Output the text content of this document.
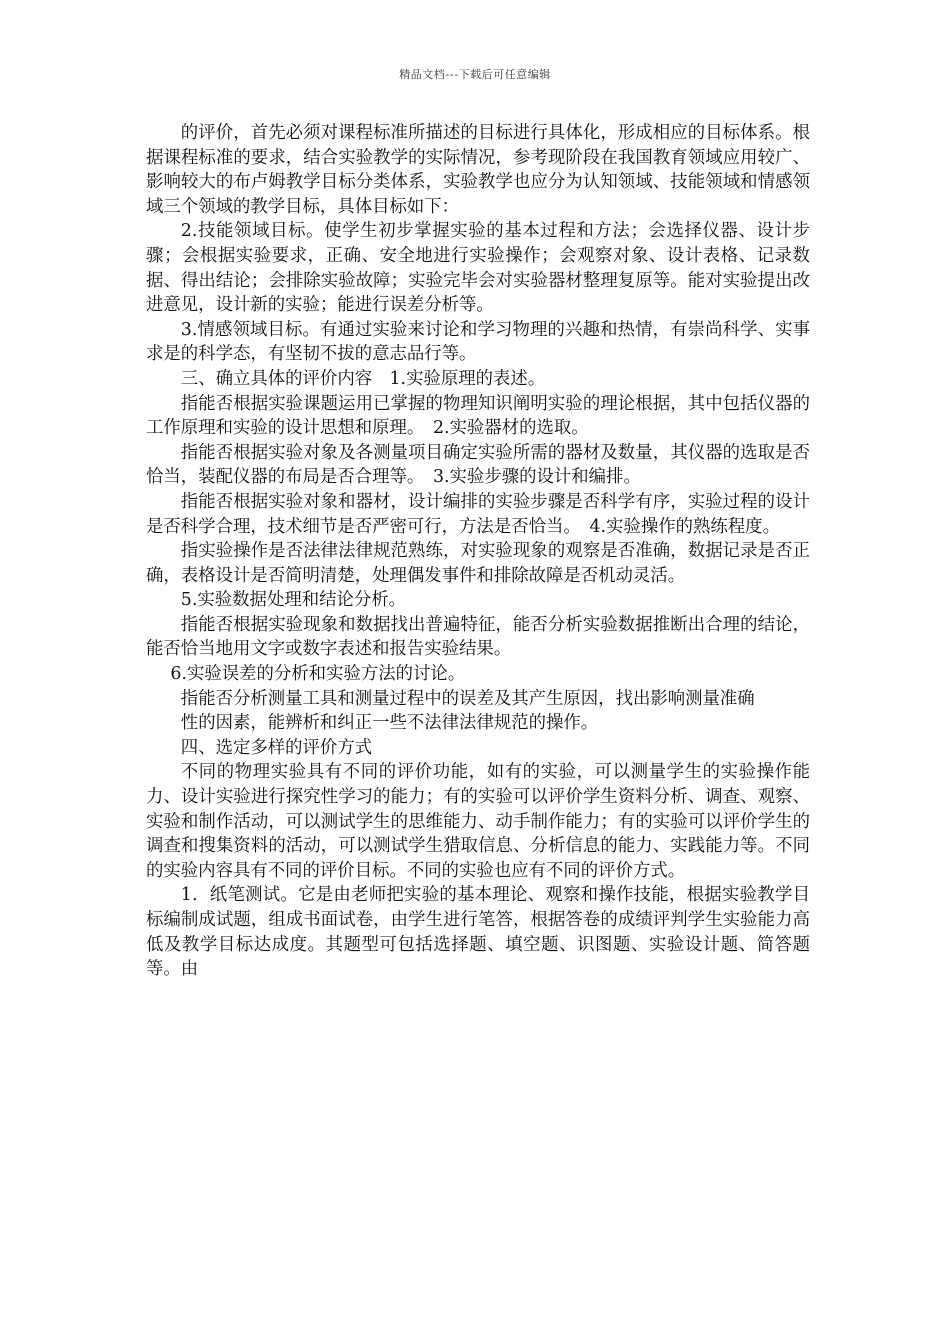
精品文档---下载后可任意编辑

的评价，首先必须对课程标准所描述的目标进行具体化，形成相应的目标体系。根据课程标准的要求，结合实验教学的实际情况，参考现阶段在我国教育领域应用较广、影响较大的布卢姆教学目标分类体系，实验教学也应分为认知领域、技能领域和情感领域三个领域的教学目标，具体目标如下：

2.技能领域目标。使学生初步掌握实验的基本过程和方法；会选择仪器、设计步骤；会根据实验要求，正确、安全地进行实验操作；会观察对象、设计表格、记录数据、得出结论；会排除实验故障；实验完毕会对实验器材整理复原等。能对实验提出改进意见，设计新的实验；能进行误差分析等。

3.情感领域目标。有通过实验来讨论和学习物理的兴趣和热情，有崇尚科学、实事求是的科学态，有坚韧不拔的意志品行等。

三、确立具体的评价内容　1.实验原理的表述。

指能否根据实验课题运用已掌握的物理知识阐明实验的理论根据，其中包括仪器的工作原理和实验的设计思想和原理。　2.实验器材的选取。

指能否根据实验对象及各测量项目确定实验所需的器材及数量，其仪器的选取是否恰当，装配仪器的布局是否合理等。　3.实验步骤的设计和编排。

指能否根据实验对象和器材，设计编排的实验步骤是否科学有序，实验过程的设计是否科学合理，技术细节是否严密可行，方法是否恰当。　4.实验操作的熟练程度。

指实验操作是否法律法律规范熟练，对实验现象的观察是否准确，数据记录是否正确，表格设计是否简明清楚，处理偶发事件和排除故障是否机动灵活。

5.实验数据处理和结论分析。

指能否根据实验现象和数据找出普遍特征，能否分析实验数据推断出合理的结论，能否恰当地用文字或数字表述和报告实验结果。

6.实验误差的分析和实验方法的讨论。

指能否分析测量工具和测量过程中的误差及其产生原因，找出影响测量准确

性的因素，能辨析和纠正一些不法律法律规范的操作。

四、选定多样的评价方式

不同的物理实验具有不同的评价功能，如有的实验，可以测量学生的实验操作能力、设计实验进行探究性学习的能力；有的实验可以评价学生资料分析、调查、观察、实验和制作活动，可以测试学生的思维能力、动手制作能力；有的实验可以评价学生的调查和搜集资料的活动，可以测试学生猎取信息、分析信息的能力、实践能力等。不同的实验内容具有不同的评价目标。不同的实验也应有不同的评价方式。

1．纸笔测试。它是由老师把实验的基本理论、观察和操作技能，根据实验教学目标编制成试题，组成书面试卷，由学生进行笔答，根据答卷的成绩评判学生实验能力高低及教学目标达成度。其题型可包括选择题、填空题、识图题、实验设计题、简答题等。由
